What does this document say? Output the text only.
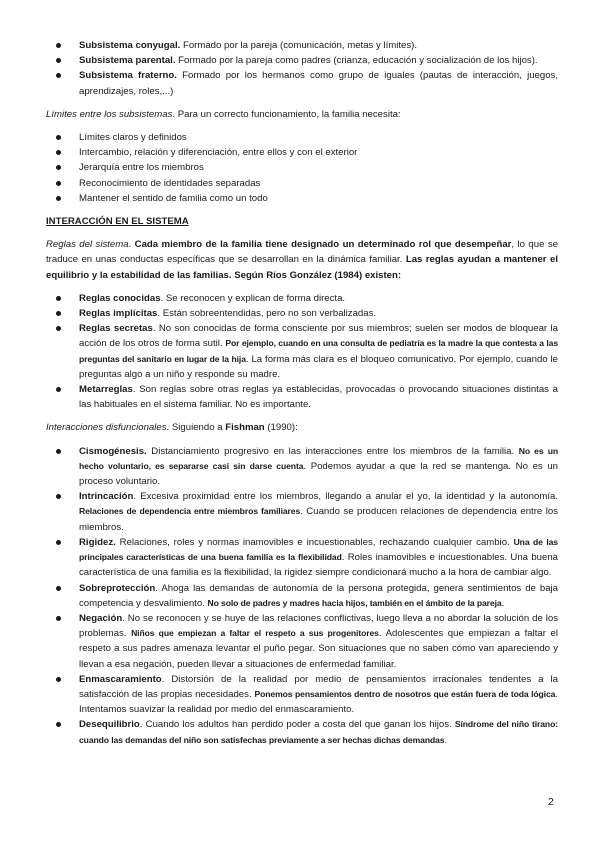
Subsistema conyugal. Formado por la pareja (comunicación, metas y límites).
Subsistema parental. Formado por la pareja como padres (crianza, educación y socialización de los hijos).
Subsistema fraterno. Formado por los hermanos como grupo de iguales (pautas de interacción, juegos, aprendizajes, roles,...)

Límites entre los subsistemas. Para un correcto funcionamiento, la familia necesita:

Límites claros y definidos
Intercambio, relación y diferenciación, entre ellos y con el exterior
Jerarquía entre los miembros
Reconocimiento de identidades separadas
Mantener el sentido de familia como un todo

INTERACCIÓN EN EL SISTEMA

Reglas del sistema. Cada miembro de la familia tiene designado un determinado rol que desempeñar, lo que se traduce en unas conductas específicas que se desarrollan en la dinámica familiar. Las reglas ayudan a mantener el equilibrio y la estabilidad de las familias. Según Ríos González (1984) existen:

Reglas conocidas. Se reconocen y explican de forma directa.
Reglas implícitas. Están sobreentendidas, pero no son verbalizadas.
Reglas secretas. No son conocidas de forma consciente por sus miembros; suelen ser modos de bloquear la acción de los otros de forma sutil. Por ejemplo, cuando en una consulta de pediatría es la madre la que contesta a las preguntas del sanitario en lugar de la hija. La forma más clara es el bloqueo comunicativo. Por ejemplo, cuando le preguntas algo a un niño y responde su madre.
Metarreglas. Son reglas sobre otras reglas ya establecidas, provocadas o provocando situaciones distintas a las habituales en el sistema familiar. No es importante.

Interacciones disfuncionales. Siguiendo a Fishman (1990):

Cismogénesis. Distanciamiento progresivo en las interacciones entre los miembros de la familia. No es un hecho voluntario, es separarse casi sin darse cuenta. Podemos ayudar a que la red se mantenga. No es un proceso voluntario.
Intrincación. Excesiva proximidad entre los miembros, llegando a anular el yo, la identidad y la autonomía. Relaciones de dependencia entre miembros familiares. Cuando se producen relaciones de dependencia entre los miembros.
Rigidez. Relaciones, roles y normas inamovibles e incuestionables, rechazando cualquier cambio. Una de las principales características de una buena familia es la flexibilidad. Roles inamovibles e incuestionables. Una buena característica de una familia es la flexibilidad, la rigidez siempre condicionará mucho a la hora de cambiar algo.
Sobreprotección. Ahoga las demandas de autonomía de la persona protegida, genera sentimientos de baja competencia y desvalimiento. No solo de padres y madres hacia hijos, también en el ámbito de la pareja.
Negación. No se reconocen y se huye de las relaciones conflictivas, luego lleva a no abordar la solución de los problemas. Niños que empiezan a faltar el respeto a sus progenitores. Adolescentes que empiezan a faltar el respeto a sus padres amenaza levantar el puño pegar. Son situaciones que no saben cómo van apareciendo y llevan a esa negación, pueden llevar a situaciones de enfermedad familiar.
Enmascaramiento. Distorsión de la realidad por medio de pensamientos irracionales tendentes a la satisfacción de las propias necesidades. Ponemos pensamientos dentro de nosotros que están fuera de toda lógica. Intentamos suavizar la realidad por medio del enmascaramiento.
Desequilibrio. Cuando los adultos han perdido poder a costa del que ganan los hijos. Síndrome del niño tirano: cuando las demandas del niño son satisfechas previamente a ser hechas dichas demandas.
2
